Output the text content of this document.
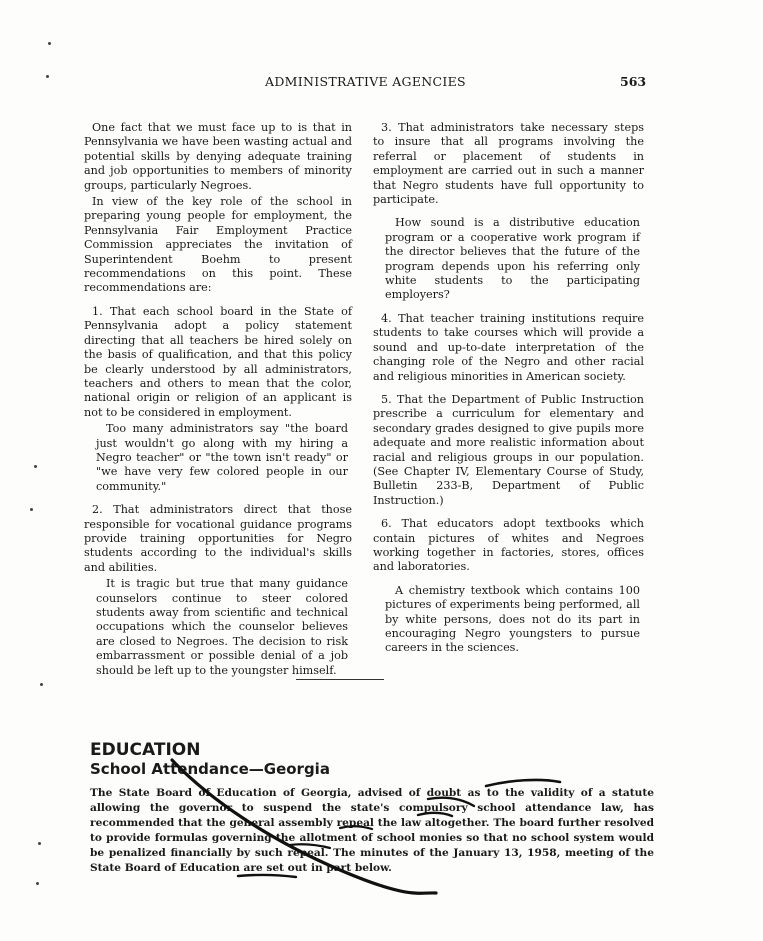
ADMINISTRATIVE AGENCIES	563

One fact that we must face up to is that in Pennsylvania we have been wasting actual and potential skills by denying adequate training and job opportunities to members of minority groups, particularly Negroes.

In view of the key role of the school in preparing young people for employment, the Pennsylvania Fair Employment Practice Commission appreciates the invitation of Superintendent Boehm to present recommendations on this point. These recommendations are:

1. That each school board in the State of Pennsylvania adopt a policy statement directing that all teachers be hired solely on the basis of qualification, and that this policy be clearly understood by all administrators, teachers and others to mean that the color, national origin or religion of an applicant is not to be considered in employment.

Too many administrators say "the board just wouldn't go along with my hiring a Negro teacher" or "the town isn't ready" or "we have very few colored people in our community."

2. That administrators direct that those responsible for vocational guidance programs provide training opportunities for Negro students according to the individual's skills and abilities.

It is tragic but true that many guidance counselors continue to steer colored students away from scientific and technical occupations which the counselor believes are closed to Negroes. The decision to risk embarrassment or possible denial of a job should be left up to the youngster himself.

3. That administrators take necessary steps to insure that all programs involving the referral or placement of students in employment are carried out in such a manner that Negro students have full opportunity to participate.

How sound is a distributive education program or a cooperative work program if the director believes that the future of the program depends upon his referring only white students to the participating employers?

4. That teacher training institutions require students to take courses which will provide a sound and up-to-date interpretation of the changing role of the Negro and other racial and religious minorities in American society.

5. That the Department of Public Instruction prescribe a curriculum for elementary and secondary grades designed to give pupils more adequate and more realistic information about racial and religious groups in our population. (See Chapter IV, Elementary Course of Study, Bulletin 233-B, Department of Public Instruction.)

6. That educators adopt textbooks which contain pictures of whites and Negroes working together in factories, stores, offices and laboratories.

A chemistry textbook which contains 100 pictures of experiments being performed, all by white persons, does not do its part in encouraging Negro youngsters to pursue careers in the sciences.

EDUCATION
School Attendance—Georgia
The State Board of Education of Georgia, advised of doubt as to the validity of a statute allowing the governor to suspend the state's compulsory school attendance law, has recommended that the general assembly repeal the law altogether. The board further resolved to provide formulas governing the allotment of school monies so that no school system would be penalized financially by such repeal. The minutes of the January 13, 1958, meeting of the State Board of Education are set out in part below.
